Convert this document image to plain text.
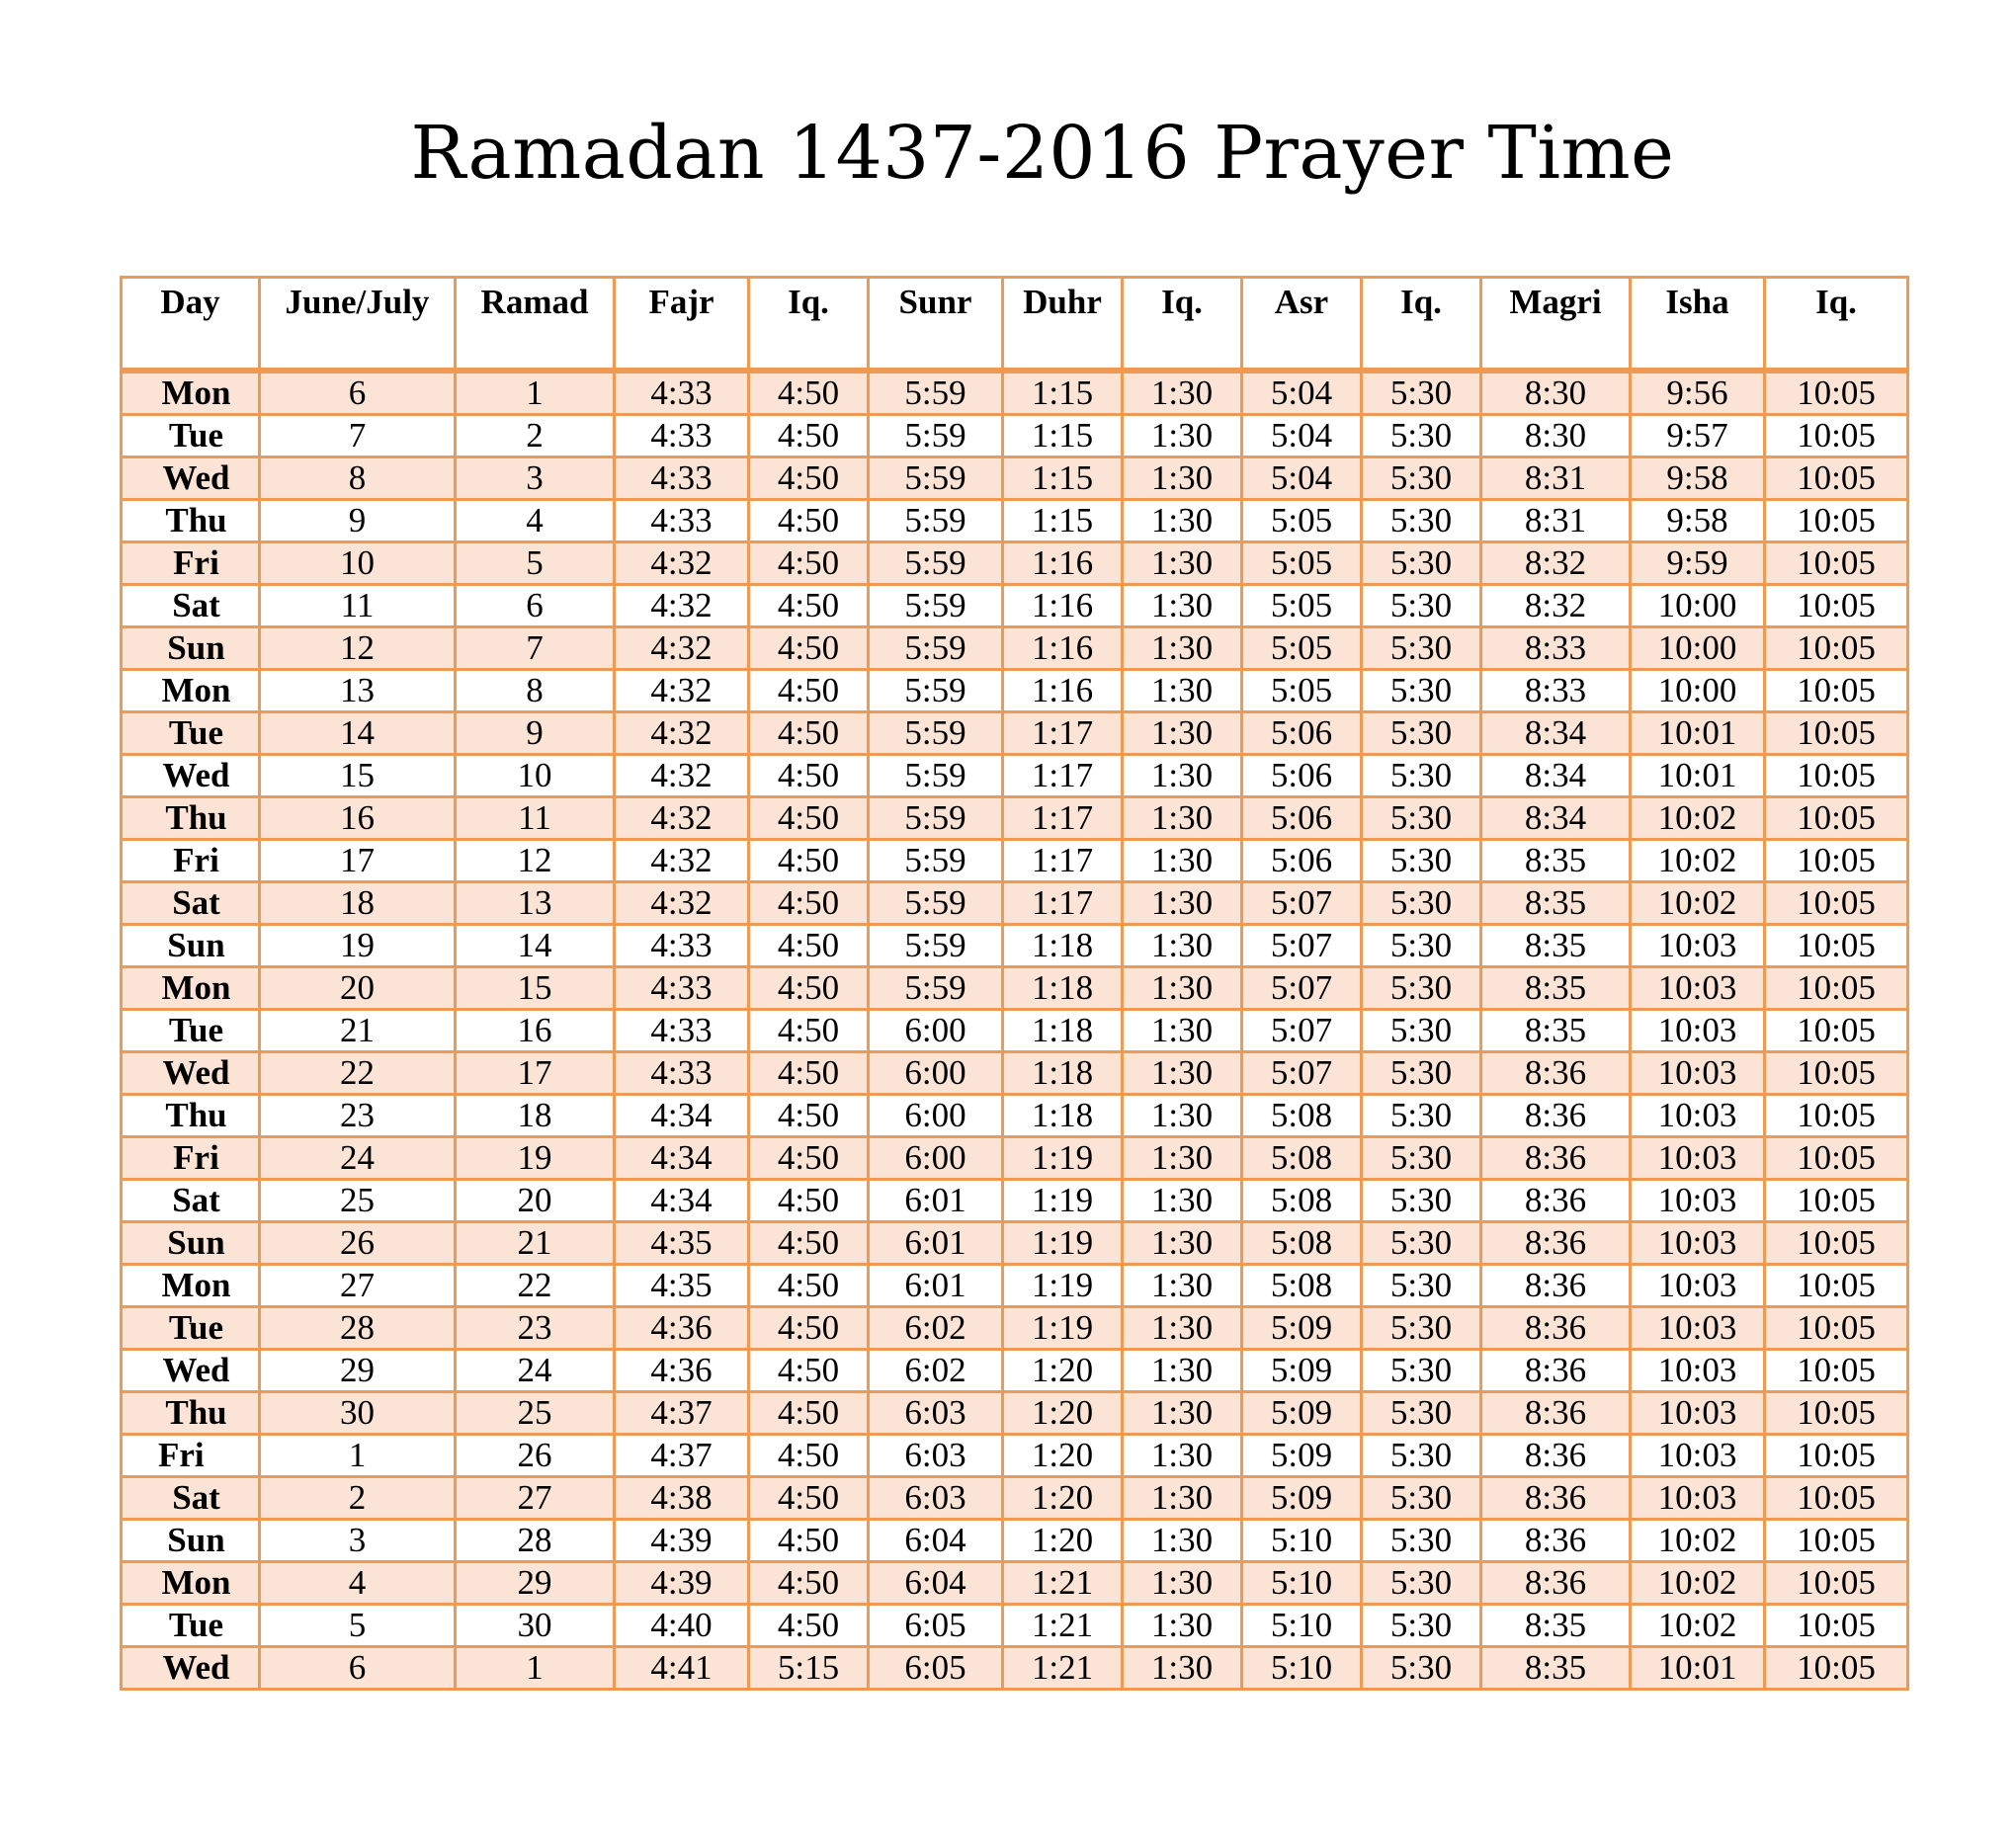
Ramadan 1437-2016 Prayer Time
Day	June/July	Ramad	Fajr	Iq.	Sunr	Duhr	Iq.	Asr	Iq.	Magri	Isha	Iq.
Mon	6	1	4:33	4:50	5:59	1:15	1:30	5:04	5:30	8:30	9:56	10:05
Tue	7	2	4:33	4:50	5:59	1:15	1:30	5:04	5:30	8:30	9:57	10:05
Wed	8	3	4:33	4:50	5:59	1:15	1:30	5:04	5:30	8:31	9:58	10:05
Thu	9	4	4:33	4:50	5:59	1:15	1:30	5:05	5:30	8:31	9:58	10:05
Fri	10	5	4:32	4:50	5:59	1:16	1:30	5:05	5:30	8:32	9:59	10:05
Sat	11	6	4:32	4:50	5:59	1:16	1:30	5:05	5:30	8:32	10:00	10:05
Sun	12	7	4:32	4:50	5:59	1:16	1:30	5:05	5:30	8:33	10:00	10:05
Mon	13	8	4:32	4:50	5:59	1:16	1:30	5:05	5:30	8:33	10:00	10:05
Tue	14	9	4:32	4:50	5:59	1:17	1:30	5:06	5:30	8:34	10:01	10:05
Wed	15	10	4:32	4:50	5:59	1:17	1:30	5:06	5:30	8:34	10:01	10:05
Thu	16	11	4:32	4:50	5:59	1:17	1:30	5:06	5:30	8:34	10:02	10:05
Fri	17	12	4:32	4:50	5:59	1:17	1:30	5:06	5:30	8:35	10:02	10:05
Sat	18	13	4:32	4:50	5:59	1:17	1:30	5:07	5:30	8:35	10:02	10:05
Sun	19	14	4:33	4:50	5:59	1:18	1:30	5:07	5:30	8:35	10:03	10:05
Mon	20	15	4:33	4:50	5:59	1:18	1:30	5:07	5:30	8:35	10:03	10:05
Tue	21	16	4:33	4:50	6:00	1:18	1:30	5:07	5:30	8:35	10:03	10:05
Wed	22	17	4:33	4:50	6:00	1:18	1:30	5:07	5:30	8:36	10:03	10:05
Thu	23	18	4:34	4:50	6:00	1:18	1:30	5:08	5:30	8:36	10:03	10:05
Fri	24	19	4:34	4:50	6:00	1:19	1:30	5:08	5:30	8:36	10:03	10:05
Sat	25	20	4:34	4:50	6:01	1:19	1:30	5:08	5:30	8:36	10:03	10:05
Sun	26	21	4:35	4:50	6:01	1:19	1:30	5:08	5:30	8:36	10:03	10:05
Mon	27	22	4:35	4:50	6:01	1:19	1:30	5:08	5:30	8:36	10:03	10:05
Tue	28	23	4:36	4:50	6:02	1:19	1:30	5:09	5:30	8:36	10:03	10:05
Wed	29	24	4:36	4:50	6:02	1:20	1:30	5:09	5:30	8:36	10:03	10:05
Thu	30	25	4:37	4:50	6:03	1:20	1:30	5:09	5:30	8:36	10:03	10:05
Fri	1	26	4:37	4:50	6:03	1:20	1:30	5:09	5:30	8:36	10:03	10:05
Sat	2	27	4:38	4:50	6:03	1:20	1:30	5:09	5:30	8:36	10:03	10:05
Sun	3	28	4:39	4:50	6:04	1:20	1:30	5:10	5:30	8:36	10:02	10:05
Mon	4	29	4:39	4:50	6:04	1:21	1:30	5:10	5:30	8:36	10:02	10:05
Tue	5	30	4:40	4:50	6:05	1:21	1:30	5:10	5:30	8:35	10:02	10:05
Wed	6	1	4:41	5:15	6:05	1:21	1:30	5:10	5:30	8:35	10:01	10:05
